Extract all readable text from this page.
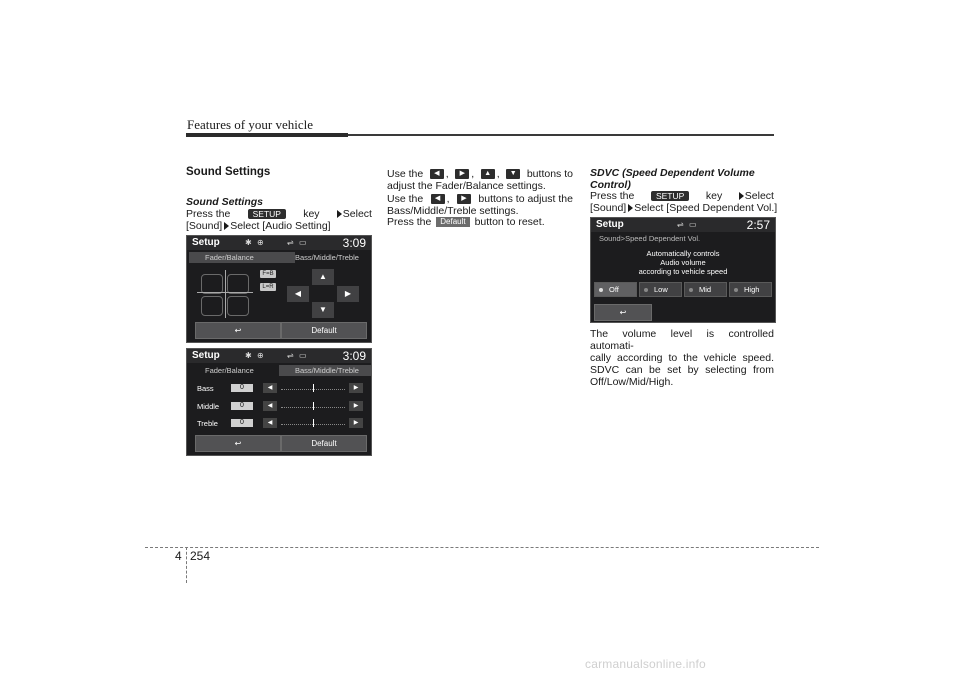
Features of your vehicle
Sound Settings
Sound Settings
Press the	SETUP	key	Select
[Sound] Select [Audio Setting]
Setup	✱ ⊕	⇌ ▭	3:09
Fader/Balance	Bass/Middle/Treble
F=B
L=R
▲
◀	▶
▼
↩	Default
Setup	✱ ⊕	⇌ ▭	3:09
Fader/Balance	Bass/Middle/Treble
Bass	0	◀	▶
Middle	0	◀	▶
Treble	0	◀	▶
↩	Default
Use the	◀ ,	▶ ,	▲ ,	▼ buttons to
adjust the Fader/Balance settings.
Use the	◀ ,	▶	buttons to adjust the
Bass/Middle/Treble settings.
Press the Default button to reset.
SDVC (Speed Dependent Volume
Control)
Press the	SETUP	key	Select
[Sound] Select [Speed Dependent Vol.]
Setup	⇌ ▭	2:57
Sound>Speed Dependent Vol.
Automatically controls
Audio volume
according to vehicle speed
Off	Low	Mid	High
↩
The volume level is controlled automati-
cally according to the vehicle speed.
SDVC can be set by selecting from
Off/Low/Mid/High.
4 254
carmanualsonline.info
